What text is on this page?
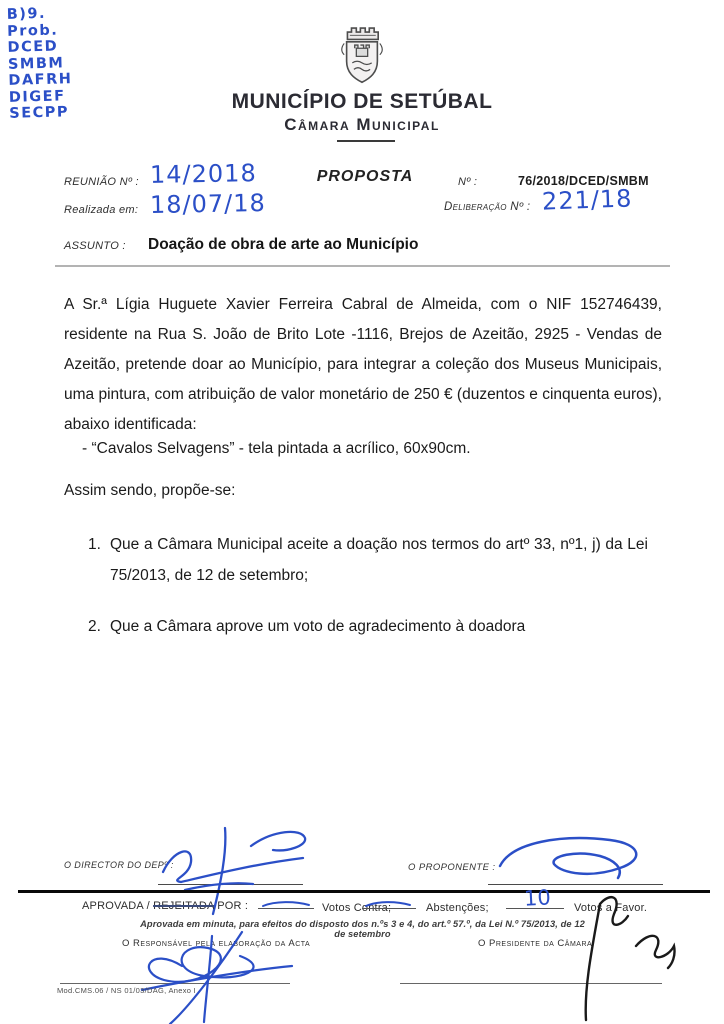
B)9.
Prob.
DCED
SMBM
DAFRH
DIGEF
SECPP
MUNICÍPIO DE SETÚBAL
Câmara Municipal
REUNIÃO Nº : 14/2018
Realizada em: 18/07/18
PROPOSTA	Nº :	76/2018/DCED/SMBM
Deliberação Nº : 221/18
ASSUNTO : Doação de obra de arte ao Município
A Sr.ª Lígia Huguete Xavier Ferreira Cabral de Almeida, com o NIF 152746439, residente na Rua S. João de Brito Lote -1116, Brejos de Azeitão, 2925 - Vendas de Azeitão, pretende doar ao Município, para integrar a coleção dos Museus Municipais, uma pintura, com atribuição de valor monetário de 250 € (duzentos e cinquenta euros), abaixo identificada:
- “Cavalos Selvagens” - tela pintada a acrílico, 60x90cm.
Assim sendo, propõe-se:
1. Que a Câmara Municipal aceite a doação nos termos do artº 33, nº1, j) da Lei 75/2013, de 12 de setembro;
2. Que a Câmara aprove um voto de agradecimento à doadora
O DIRECTOR DO DEPº :	O PROPONENTE :
APROVADA / REJEITADA POR :	Votos Contra;	Abstenções; 10 Votos a Favor.
Aprovada em minuta, para efeitos do disposto dos n.ºs 3 e 4, do art.º 57.º, da Lei N.º 75/2013, de 12 de setembro
O Responsável pela elaboração da Acta	O Presidente da Câmara
Mod.CMS.06 / NS 01/03/DAG, Anexo I
